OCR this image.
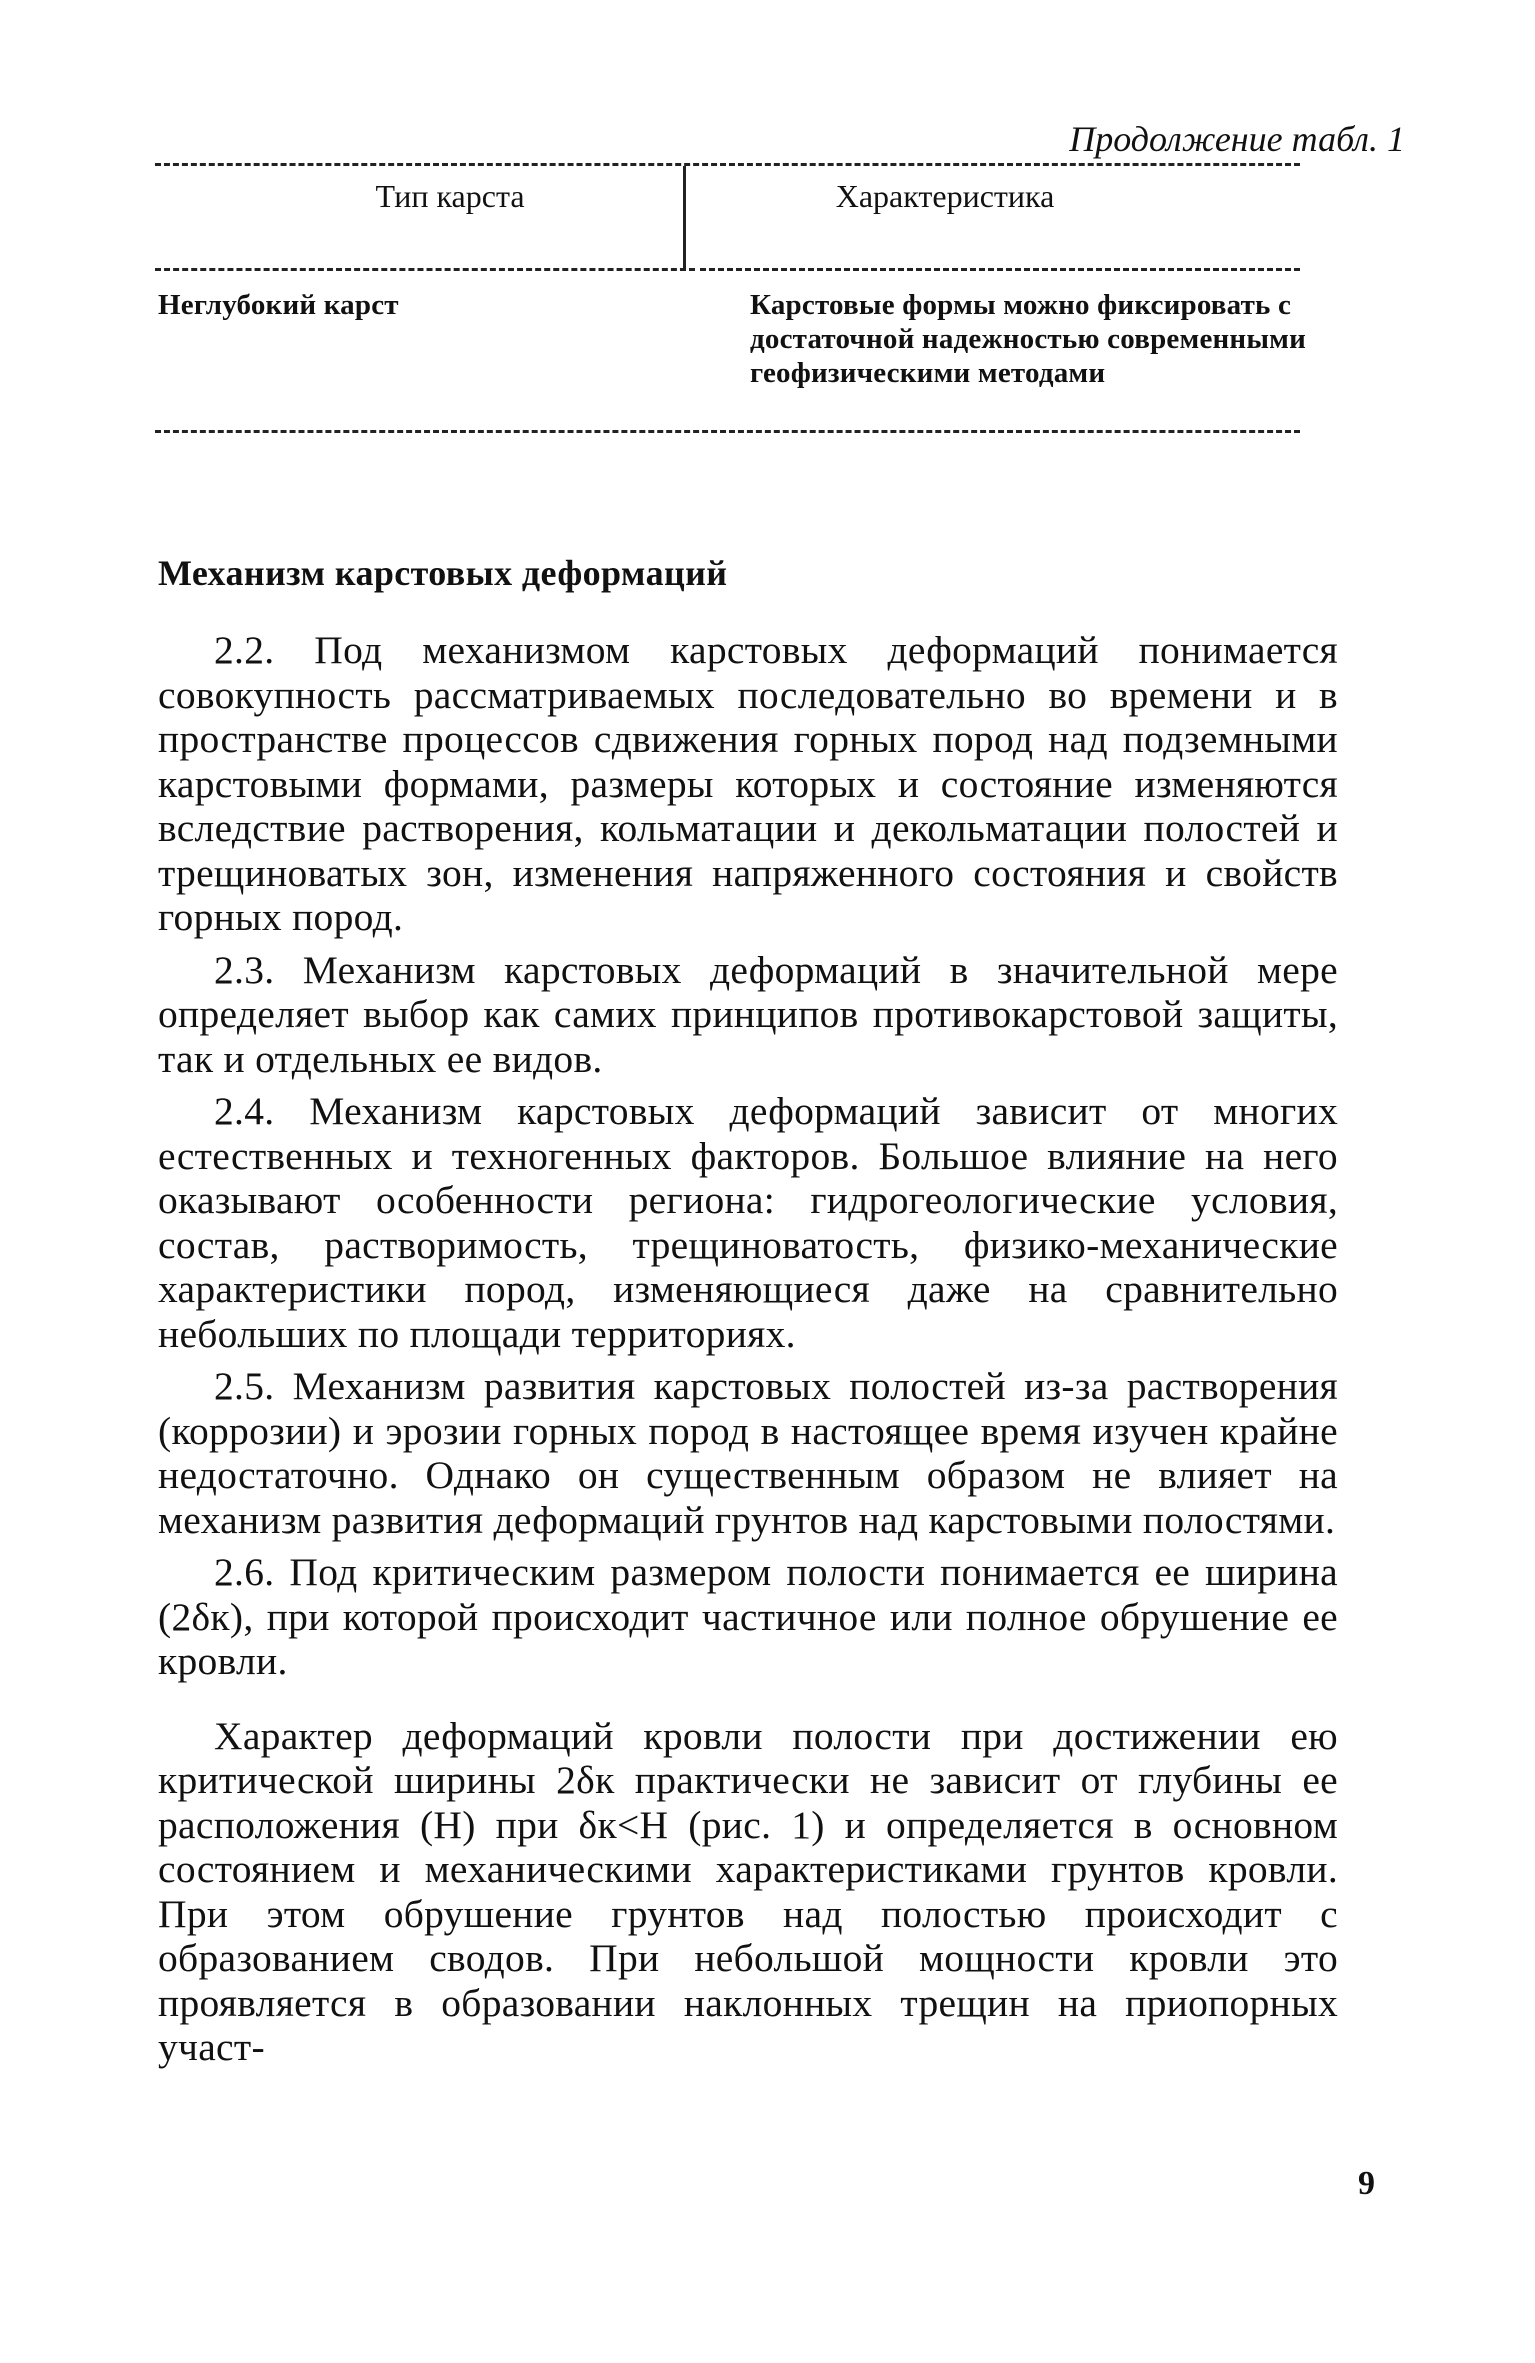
Продолжение табл. 1
Тип карста	Характеристика
Неглубокий карст	Карстовые формы можно фиксировать с достаточной надежностью современными геофизическими методами
Механизм карстовых деформаций

2.2. Под механизмом карстовых деформаций понимается совокупность рассматриваемых последовательно во времени и в пространстве процессов сдвижения горных пород над подземными карстовыми формами, размеры которых и состояние изменяются вследствие растворения, кольматации и декольматации полостей и трещиноватых зон, изменения напряженного состояния и свойств горных пород.

2.3. Механизм карстовых деформаций в значительной мере определяет выбор как самих принципов противокарстовой защиты, так и отдельных ее видов.

2.4. Механизм карстовых деформаций зависит от многих естественных и техногенных факторов. Большое влияние на него оказывают особенности региона: гидрогеологические условия, состав, растворимость, трещиноватость, физико-механические характеристики пород, изменяющиеся даже на сравнительно небольших по площади территориях.

2.5. Механизм развития карстовых полостей из-за растворения (коррозии) и эрозии горных пород в настоящее время изучен крайне недостаточно. Однако он существенным образом не влияет на механизм развития деформаций грунтов над карстовыми полостями.

2.6. Под критическим размером полости понимается ее ширина (2δк), при которой происходит частичное или полное обрушение ее кровли.

Характер деформаций кровли полости при достижении ею критической ширины 2δк практически не зависит от глубины ее расположения (H) при δк<H (рис. 1) и определяется в основном состоянием и механическими характеристиками грунтов кровли. При этом обрушение грунтов над полостью происходит с образованием сводов. При небольшой мощности кровли это проявляется в образовании наклонных трещин на приопорных участ-

9
